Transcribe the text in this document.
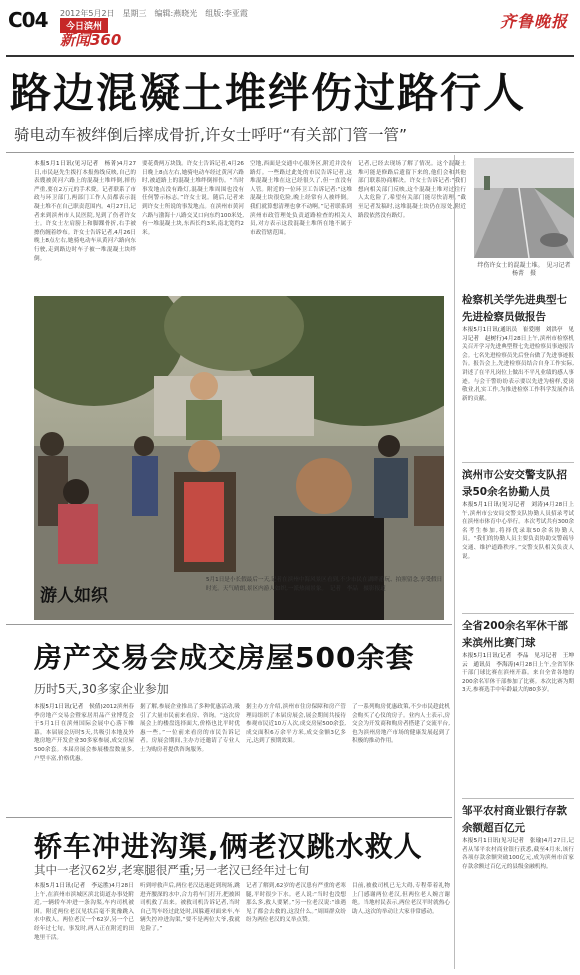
C04 2012年5月2日　星期三　编辑:燕晓光　组版:李亚霞
今日滨州
新闻360
齐鲁晚报
路边混凝土堆绊伤过路行人
骑电动车被绊倒后摔成骨折,许女士呼吁“有关部门管一管”
本报5月1日讯(见习记者　杨菁)4月27日,市民赵先生拨打本报热线反映,自己的表嫂被黄河六路上的混凝土堆绊倒,摔伤严重,要在2万元的手术费。记者联系了市政与环卫部门,两部门工作人员都表示混凝土堆不在自己职责范围内。4月27日,记者来到滨州市人民医院,见到了伤者许女士。许女士左肩膀上和脚踝骨折,右手被擦伤缠着纱布。许女士告诉记者,4月26日晚上8点左右,她骑电动车从黄河六路向东行驶,走到路边时车子被一堆混凝土块绊倒。
要花费两万块钱。许女士告诉记者,4月26日晚上8点左右,她骑电动车经过黄河六路时,被道路上的混凝土堆绊倒摔伤。“当时事发地点没有路灯,混凝土堆周围也没有任何警示标志。”许女士说。随后,记者来到许女士所说的事发地点。在滨州市黄河六路与渤海十八路交叉口向东约100米处,有一堆混凝土块,东西长约3米,南北宽约2米。
空地,西面是交通中心服务区,附近并没有路灯。一些路过此处的市民告诉记者,这堆混凝土堆在这已经很久了,但一直没有人管。附近的一位环卫工告诉记者:“这堆混凝土块很危险,晚上经常有人被绊倒。我们就算想清理也拿不动啊。”记者联系到滨州市政管理处负责道路检查的相关人员,对方表示这段混凝土堆所在地不属于市政管辖范围。
记者,已经去现场了解了情况。这个混凝土堆可能是修路后遗留下来的,他们会和其他部门联系协商解决。许女士告诉记者:“我们想向相关部门反映,这个混凝土堆对过往行人太危险了,希望有关部门能尽快清理。”截至记者发稿时,这堆混凝土块仍在原处,附近路段依然没有路灯。
绊伤许女士的混凝土堆。　见习记者　杨菁　摄
游人如织
5月1日是小长假最后一天,记者在滨州中海风景区看到,不少市民在湖畔游玩、拍照留念,享受假日时光。天气晴朗,景区内游人如织,一派热闹景象。　记者　李品　摄影报道
房产交易会成交房屋500余套
历时5天,30多家企业参加
本报5月1日讯(记者　侯倩)2012滨州春季房地产交易会暨家居用品产业博览会于5月1日在滨州国际会展中心落下帷幕。本届展会历时5天,共吸引本地及外地房地产开发企业30多家参展,成交房屋500余套。本届房展会参展楼盘数量多,户型丰富,价格优惠。
据了解,参展企业推出了多种优惠活动,吸引了大量市民前来看房、咨询。“这次房展会上的楼盘选择面大,价格也比平时优惠一些。”一位前来看房的市民告诉记者。房展会期间,主办方还邀请了专业人士为购房者提供咨询服务。
据主办方介绍,滨州市住房保障和房产管理局组织了本届房展会,展会期间共接待参观市民近10万人次,成交房屋500余套,成交面积6万余平方米,成交金额3亿多元,达到了预期效果。
了一系列购房优惠政策,不少市民趁此机会购买了心仪的房子。业内人士表示,房交会为开发商和购房者搭建了交流平台,也为滨州房地产市场的健康发展起到了积极的推动作用。
轿车冲进沟渠,俩老汉跳水救人
其中一老汉62岁,老寒腿很严重;另一老汉已经年过七旬
本报5月1日讯(记者　李运胜)4月28日上午,在滨州市滨城区滨北街道办事处附近,一辆轿车冲进一条沟渠,车内司机被困。附近两位老汉见状后毫不犹豫跳入水中救人。两位老汉一个62岁,另一个已经年过七旬。事发时,两人正在附近的田地里干活。
听到呼救声后,两位老汉迅速赶到现场,跳进齐腰深的水中,合力将车门打开,把被困司机救了出来。被救司机告诉记者,当时自己驾车经过此处时,因躲避对面来车,车辆失控冲进沟渠,“要不是两位大爷,我就危险了。”
记者了解到,62岁的老汉患有严重的老寒腿,平时很少下水。老人说:“当时也没想那么多,救人要紧。”另一位老汉说:“谁遇见了都会去救的,这没什么。”周围群众纷纷为两位老汉的义举点赞。
目前,被救司机已无大碍,专程带着礼物上门感谢两位老汉,但两位老人婉言谢绝。当地村民表示,两位老汉平时就热心助人,这次的举动让大家非常感动。
检察机关学先进典型七先进检察员做报告
本报5月1日讯(通讯员　崔爱刚　刘洪亭　见习记者　赵树行)4月28日上午,滨州市检察机关召开学习先进典型暨七先进检察员事迹报告会。七名先进检察员先后登台做了先进事迹报告。报告会上,先进检察员结合自身工作实际,讲述了在平凡岗位上做出不平凡业绩的感人事迹。与会干警纷纷表示要以先进为榜样,爱岗敬业,扎实工作,为推进检察工作科学发展作出新的贡献。
滨州市公安交警支队招录50余名协勤人员
本报5月1日讯(见习记者　刘涛)4月28日上午,滨州市公安局交警支队协勤人员招录考试在滨州市体育中心举行。本次考试共有300余名考生参加,将择优录取50余名协勤人员。“我们的协勤人员主要负责协助交警疏导交通、维护道路秩序。”交警支队相关负责人说。
全省200余名军休干部来滨州比赛门球
本报5月1日讯(记者　李品　见习记者　王坤云　通讯员　李海涛)4月28日上午,全省军休干部门球比赛在滨州开幕。来自全省各地的200余名军休干部参加了比赛。本次比赛为期3天,参赛选手中年龄最大的80多岁。
邹平农村商业银行存款余额超百亿元
本报5月1日讯(见习记者　张瑜)4月27日,记者从邹平农村商业银行获悉,截至4月末,该行各项存款余额突破100亿元,成为滨州市首家存款余额过百亿元的县级金融机构。
